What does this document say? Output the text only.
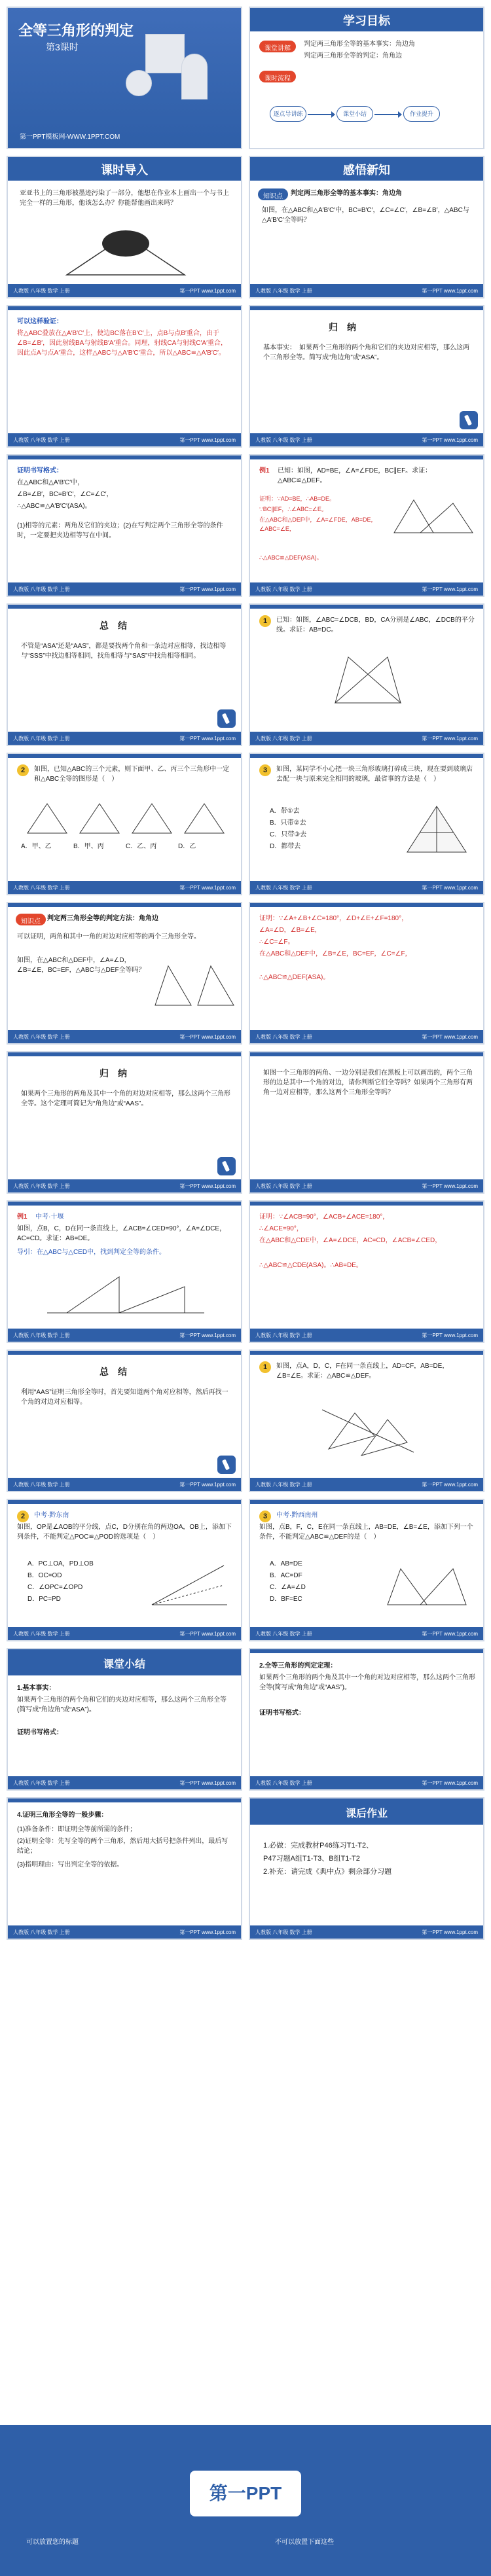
全等三角形的判定
第3课时
第一PPT模板网-WWW.1PPT.COM
学习目标
课堂讲解
判定两三角形全等的基本事实：角边角
判定两三角形全等的判定：角角边
课时流程
逐点导讲练	课堂小结	作业提升
课时导入
亚亚书上的三角形被墨迹污染了一部分，他想在作业本上画出一个与书上完全一样的三角形，他该怎么办？你能帮他画出来吗？
人教版 八年级 数学 上册	第一PPT www.1ppt.com
感悟新知
知识点	判定两三角形全等的基本事实：角边角
如图，在△ABC和△A′B′C′中，BC=B′C′，∠C=∠C′，∠B=∠B′，△ABC与△A′B′C′全等吗？
人教版 八年级 数学 上册	第一PPT www.1ppt.com
可以这样验证：
将△ABC叠放在△A′B′C′上，使边BC落在B′C′上，点B与点B′重合，由于∠B=∠B′，因此射线BA与射线B′A′重合。同理，射线CA与射线C′A′重合，因此点A与点A′重合，这样△ABC与△A′B′C′重合，所以△ABC≌△A′B′C′。
人教版 八年级 数学 上册	第一PPT www.1ppt.com
归　纳
基本事实：　如果两个三角形的两个角和它们的夹边对应相等，那么这两个三角形全等。简写成“角边角”或“ASA”。
人教版 八年级 数学 上册	第一PPT www.1ppt.com
证明书写格式：
在△ABC和△A′B′C′中，
∠B=∠B′，BC=B′C′，∠C=∠C′，
∴△ABC≌△A′B′C′(ASA)。
(1)相等的元素：两角及它们的夹边；(2)在写判定两个三角形全等的条件时，一定要把夹边相等写在中间。
人教版 八年级 数学 上册	第一PPT www.1ppt.com
例1 已知：如图，AD=BE，∠A=∠FDE，BC∥EF。求证：△ABC≌△DEF。
证明：∵AD=BE，∴AB=DE。
∵BC∥EF，∴∠ABC=∠E。
在△ABC和△DEF中，∠A=∠FDE，AB=DE，∠ABC=∠E，
∴△ABC≌△DEF(ASA)。
人教版 八年级 数学 上册	第一PPT www.1ppt.com
总　结
不管是“ASA”还是“AAS”，都是要找两个角和一条边对应相等，找边相等与“SSS”中找边相等相同，找角相等与“SAS”中找角相等相同。
人教版 八年级 数学 上册	第一PPT www.1ppt.com
1	已知：如图，∠ABC=∠DCB，BD，CA分别是∠ABC，∠DCB的平分线。求证：AB=DC。
人教版 八年级 数学 上册	第一PPT www.1ppt.com
2	如图，已知△ABC的三个元素，则下面甲、乙、丙三个三角形中一定和△ABC全等的图形是（　）
A．甲、乙	B．甲、丙	C．乙、丙	D．乙
人教版 八年级 数学 上册	第一PPT www.1ppt.com
3	如图，某同学不小心把一块三角形玻璃打碎成三块，现在要到玻璃店去配一块与原来完全相同的玻璃，最省事的方法是（　）
A．带①去
B．只带②去
C．只带③去
D．都带去
人教版 八年级 数学 上册	第一PPT www.1ppt.com
知识点	判定两三角形全等的判定方法：角角边
可以证明，两角和其中一角的对边对应相等的两个三角形全等。
如图，在△ABC和△DEF中，∠A=∠D，∠B=∠E，BC=EF，△ABC与△DEF全等吗？
人教版 八年级 数学 上册	第一PPT www.1ppt.com
证明：∵∠A+∠B+∠C=180°，∠D+∠E+∠F=180°，
∠A=∠D，∠B=∠E，
∴∠C=∠F。
在△ABC和△DEF中，∠B=∠E，BC=EF，∠C=∠F，
∴△ABC≌△DEF(ASA)。
人教版 八年级 数学 上册	第一PPT www.1ppt.com
归　纳
如果两个三角形的两角及其中一个角的对边对应相等，那么这两个三角形全等。这个定理可简记为“角角边”或“AAS”。
人教版 八年级 数学 上册	第一PPT www.1ppt.com
如图一个三角形的两角、一边分别是我们在黑板上可以画出的，两个三角形的边是其中一个角的对边，请你判断它们全等吗？如果两个三角形有两角一边对应相等，那么这两个三角形全等吗？
人教版 八年级 数学 上册	第一PPT www.1ppt.com
例1 中考·十堰
如图，点B，C，D在同一条直线上，∠ACB=∠CED=90°，∠A=∠DCE，AC=CD。求证：AB=DE。
导引：在△ABC与△CED中，找到判定全等的条件。
人教版 八年级 数学 上册	第一PPT www.1ppt.com
证明：∵∠ACB=90°，∠ACB+∠ACE=180°，
∴∠ACE=90°，
在△ABC和△CDE中，∠A=∠DCE，AC=CD，∠ACB=∠CED，
∴△ABC≌△CDE(ASA)。∴AB=DE。
人教版 八年级 数学 上册	第一PPT www.1ppt.com
总　结
利用“AAS”证明三角形全等时，首先要知道两个角对应相等，然后再找一个角的对边对应相等。
人教版 八年级 数学 上册	第一PPT www.1ppt.com
1	如图，点A，D，C，F在同一条直线上，AD=CF，AB=DE，∠B=∠E。求证：△ABC≌△DEF。
人教版 八年级 数学 上册	第一PPT www.1ppt.com
2	中考·黔东南
如图，OP是∠AOB的平分线，点C，D分别在角的两边OA，OB上，添加下列条件，不能判定△POC≌△POD的选项是（　）
A．PC⊥OA，PD⊥OB
B．OC=OD
C．∠OPC=∠OPD
D．PC=PD
人教版 八年级 数学 上册	第一PPT www.1ppt.com
3	中考·黔西南州
如图，点B，F，C，E在同一条直线上，AB=DE，∠B=∠E，添加下列一个条件，不能判定△ABC≌△DEF的是（　）
A．AB=DE
B．AC=DF
C．∠A=∠D
D．BF=EC
人教版 八年级 数学 上册	第一PPT www.1ppt.com
课堂小结
1.基本事实：
如果两个三角形的两个角和它们的夹边对应相等，那么这两个三角形全等(简写成“角边角”或“ASA”)。
证明书写格式：
人教版 八年级 数学 上册	第一PPT www.1ppt.com
2.全等三角形的判定定理：
如果两个三角形的两个角及其中一个角的对边对应相等，那么这两个三角形全等(简写成“角角边”或“AAS”)。
证明书写格式：
人教版 八年级 数学 上册	第一PPT www.1ppt.com
4.证明三角形全等的一般步骤：
(1)准备条件：即证明全等前所需的条件；
(2)证明全等：先写全等的两个三角形，然后用大括号把条件列出，最后写结论；
(3)指明理由：写出判定全等的依据。
人教版 八年级 数学 上册	第一PPT www.1ppt.com
课后作业
1.必做：完成教材P46练习T1-T2、
P47习题A组T1-T3、B组T1-T2
2.补充：请完成《典中点》剩余部分习题
人教版 八年级 数学 上册	第一PPT www.1ppt.com
第一PPT
可以放置您的标题	不可以放置下面这些
